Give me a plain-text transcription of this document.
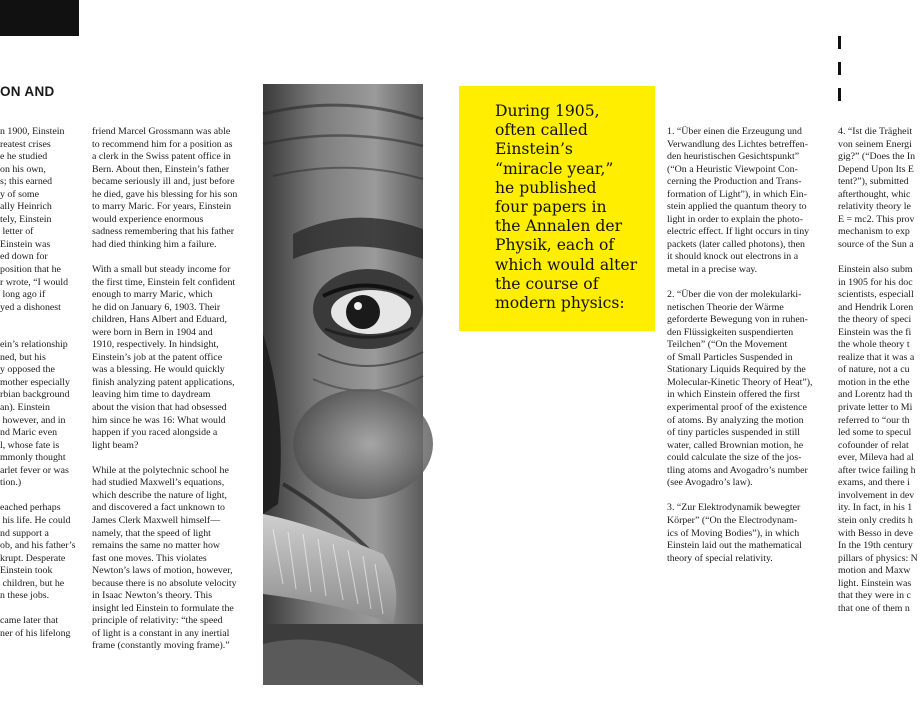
ON AND
n 1900, Einstein
reatest crises
e he studied
on his own,
s; this earned
y of some
ally Heinrich
tely, Einstein
letter of
Einstein was
ed down for
position that he
r wrote, “I would
long ago if
yed a dishonest

ein’s relationship
ned, but his
y opposed the
mother especially
rbian background
an). Einstein
however, and in
nd Maric even
l, whose fate is
mmonly thought
arlet fever or was
tion.)

eached perhaps
his life. He could
nd support a
ob, and his father’s
krupt. Desperate
Einstein took
children, but he
n these jobs.

came later that
ner of his lifelong
friend Marcel Grossmann was able
to recommend him for a position as
a clerk in the Swiss patent office in
Bern. About then, Einstein’s father
became seriously ill and, just before
he died, gave his blessing for his son
to marry Maric. For years, Einstein
would experience enormous
sadness remembering that his father
had died thinking him a failure.

With a small but steady income for
the first time, Einstein felt confident
enough to marry Maric, which
he did on January 6, 1903. Their
children, Hans Albert and Eduard,
were born in Bern in 1904 and
1910, respectively. In hindsight,
Einstein’s job at the patent office
was a blessing. He would quickly
finish analyzing patent applications,
leaving him time to daydream
about the vision that had obsessed
him since he was 16: What would
happen if you raced alongside a
light beam?

While at the polytechnic school he
had studied Maxwell’s equations,
which describe the nature of light,
and discovered a fact unknown to
James Clerk Maxwell himself—
namely, that the speed of light
remains the same no matter how
fast one moves. This violates
Newton’s laws of motion, however,
because there is no absolute velocity
in Isaac Newton’s theory. This
insight led Einstein to formulate the
principle of relativity: “the speed
of light is a constant in any inertial
frame (constantly moving frame).”
During 1905,
often called
Einstein’s
“miracle year,”
he published
four papers in
the Annalen der
Physik, each of
which would alter
the course of
modern physics:
1. “Über einen die Erzeugung und
Verwandlung des Lichtes betreffen-
den heuristischen Gesichtspunkt”
(“On a Heuristic Viewpoint Con-
cerning the Production and Trans-
formation of Light”), in which Ein-
stein applied the quantum theory to
light in order to explain the photo-
electric effect. If light occurs in tiny
packets (later called photons), then
it should knock out electrons in a
metal in a precise way.

2. “Über die von der molekularki-
netischen Theorie der Wärme
geforderte Bewegung von in ruhen-
den Flüssigkeiten suspendierten
Teilchen” (“On the Movement
of Small Particles Suspended in
Stationary Liquids Required by the
Molecular-Kinetic Theory of Heat”),
in which Einstein offered the first
experimental proof of the existence
of atoms. By analyzing the motion
of tiny particles suspended in still
water, called Brownian motion, he
could calculate the size of the jos-
tling atoms and Avogadro’s number
(see Avogadro’s law).

3. “Zur Elektrodynamik bewegter
Körper” (“On the Electrodynam-
ics of Moving Bodies”), in which
Einstein laid out the mathematical
theory of special relativity.
4. “Ist die Trägheit
von seinem Energi
gig?” (“Does the In
Depend Upon Its E
tent?”), submitted
afterthought, whic
relativity theory le
E = mc2. This prov
mechanism to exp
source of the Sun a

Einstein also subm
in 1905 for his doc
scientists, especiall
and Hendrik Loren
the theory of speci
Einstein was the fi
the whole theory t
realize that it was a
of nature, not a cu
motion in the ethe
and Lorentz had th
private letter to Mi
referred to “our th
led some to specul
cofounder of relat
ever, Mileva had al
after twice failing h
exams, and there i
involvement in dev
ity. In fact, in his 1
stein only credits h
with Besso in deve
In the 19th century
pillars of physics: N
motion and Maxw
light. Einstein was
that they were in c
that one of them n
